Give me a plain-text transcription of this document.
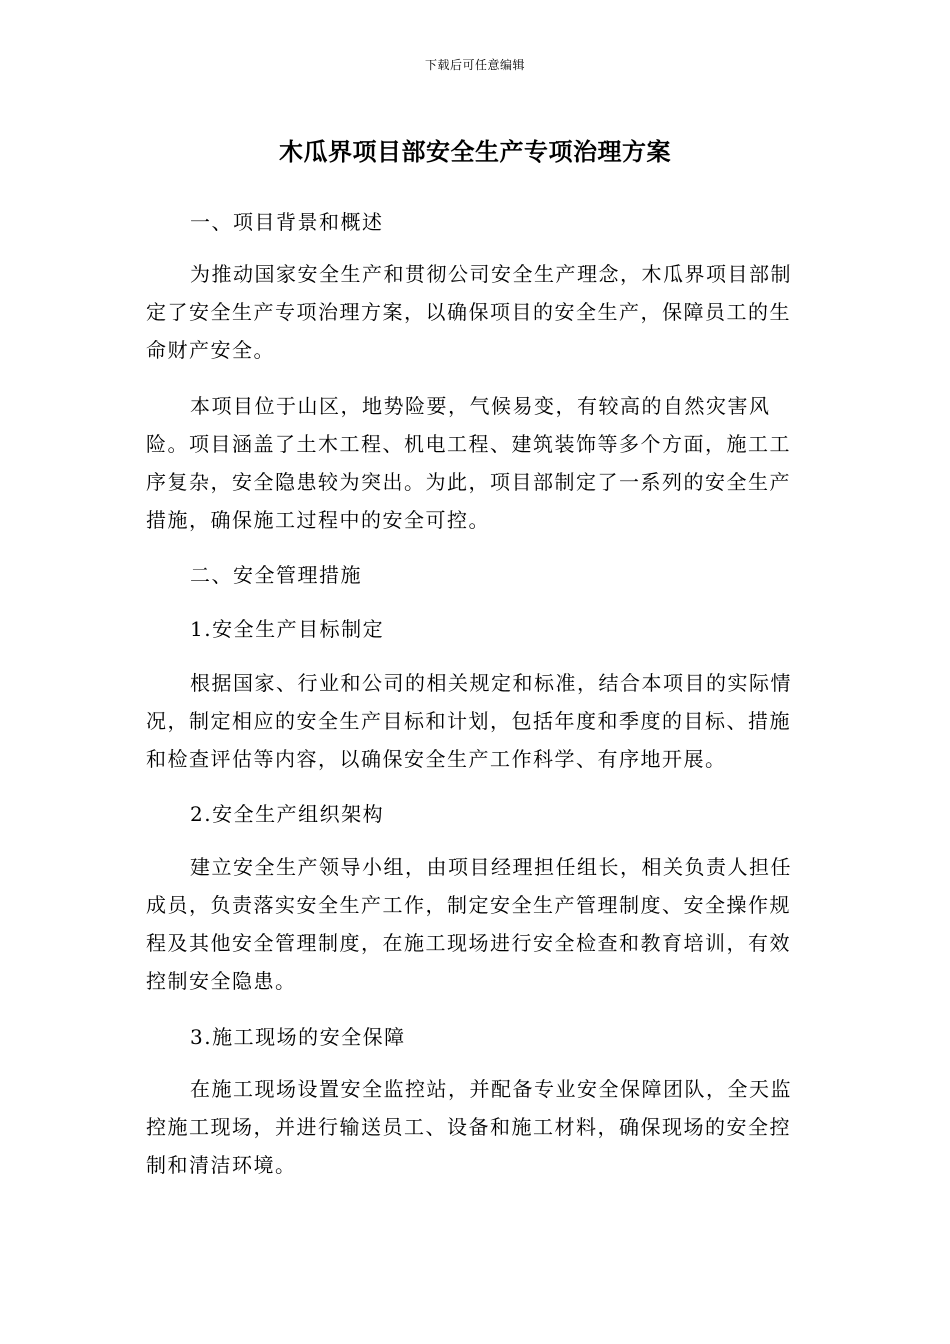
下载后可任意编辑
木瓜界项目部安全生产专项治理方案

一、项目背景和概述

为推动国家安全生产和贯彻公司安全生产理念，木瓜界项目部制定了安全生产专项治理方案，以确保项目的安全生产，保障员工的生命财产安全。

本项目位于山区，地势险要，气候易变，有较高的自然灾害风险。项目涵盖了土木工程、机电工程、建筑装饰等多个方面，施工工序复杂，安全隐患较为突出。为此，项目部制定了一系列的安全生产措施，确保施工过程中的安全可控。

二、安全管理措施

1.安全生产目标制定

根据国家、行业和公司的相关规定和标准，结合本项目的实际情况，制定相应的安全生产目标和计划，包括年度和季度的目标、措施和检查评估等内容，以确保安全生产工作科学、有序地开展。

2.安全生产组织架构

建立安全生产领导小组，由项目经理担任组长，相关负责人担任成员，负责落实安全生产工作，制定安全生产管理制度、安全操作规程及其他安全管理制度，在施工现场进行安全检查和教育培训，有效控制安全隐患。

3.施工现场的安全保障

在施工现场设置安全监控站，并配备专业安全保障团队，全天监控施工现场，并进行输送员工、设备和施工材料，确保现场的安全控制和清洁环境。
